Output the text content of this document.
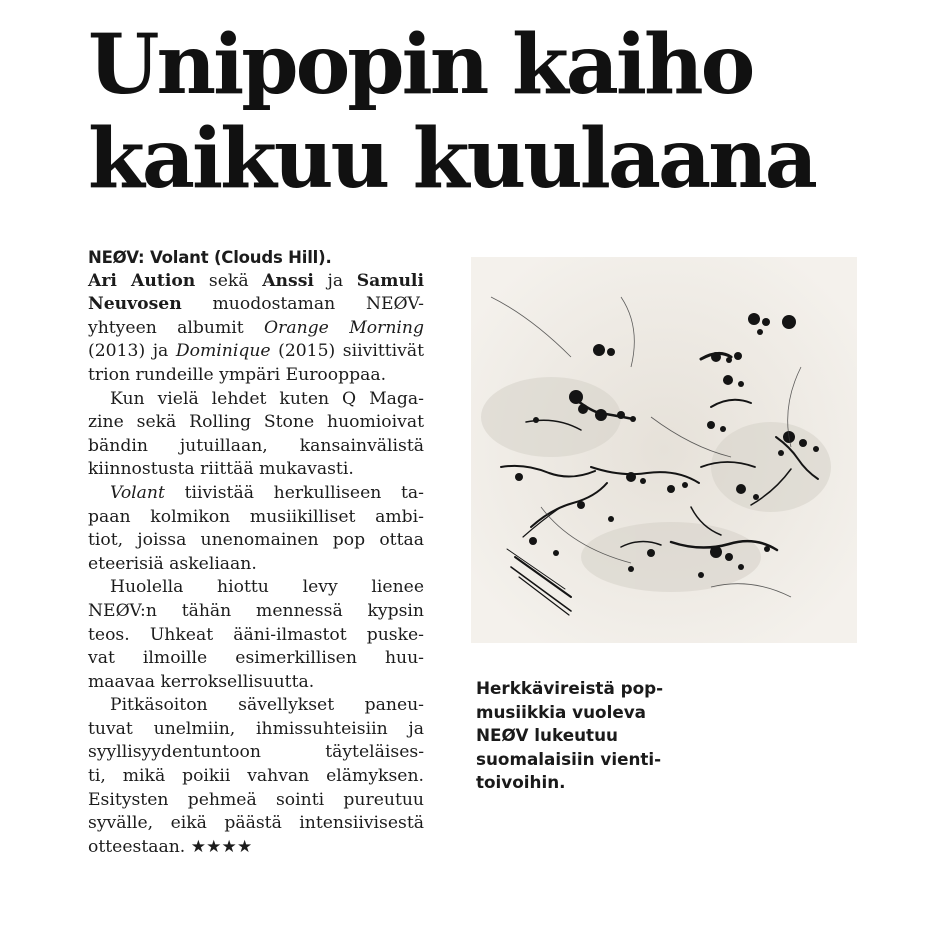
Unipopin kaiho
kaikuu kuulaana
NEØV: Volant (Clouds Hill).
Ari Aution sekä Anssi ja Samuli
Neuvosen muodostaman NEØV-
yhtyeen albumit Orange Morning
(2013) ja Dominique (2015) siivittivät
trion rundeille ympäri Eurooppaa.
Kun vielä lehdet kuten Q Maga-
zine sekä Rolling Stone huomioivat
bändin jutuillaan, kansainvälistä
kiinnostusta riittää mukavasti.
Volant tiivistää herkulliseen ta-
paan kolmikon musiikilliset ambi-
tiot, joissa unenomainen pop ottaa
eteerisiä askeliaan.
Huolella hiottu levy lienee
NEØV:n tähän mennessä kypsin
teos. Uhkeat ääni-ilmastot puske-
vat ilmoille esimerkillisen huu-
maavaa kerroksellisuutta.
Pitkäsoiton sävellykset paneu-
tuvat unelmiin, ihmissuhteisiin ja
syyllisyydentuntoon täyteläises-
ti, mikä poikii vahvan elämyksen.
Esitysten pehmeä sointi pureutuu
syvälle, eikä päästä intensiivisestä
otteestaan. ★★★★
Herkkävireistä pop-
musiikkia vuoleva
NEØV lukeutuu
suomalaisiin vienti-
toivoihin.
